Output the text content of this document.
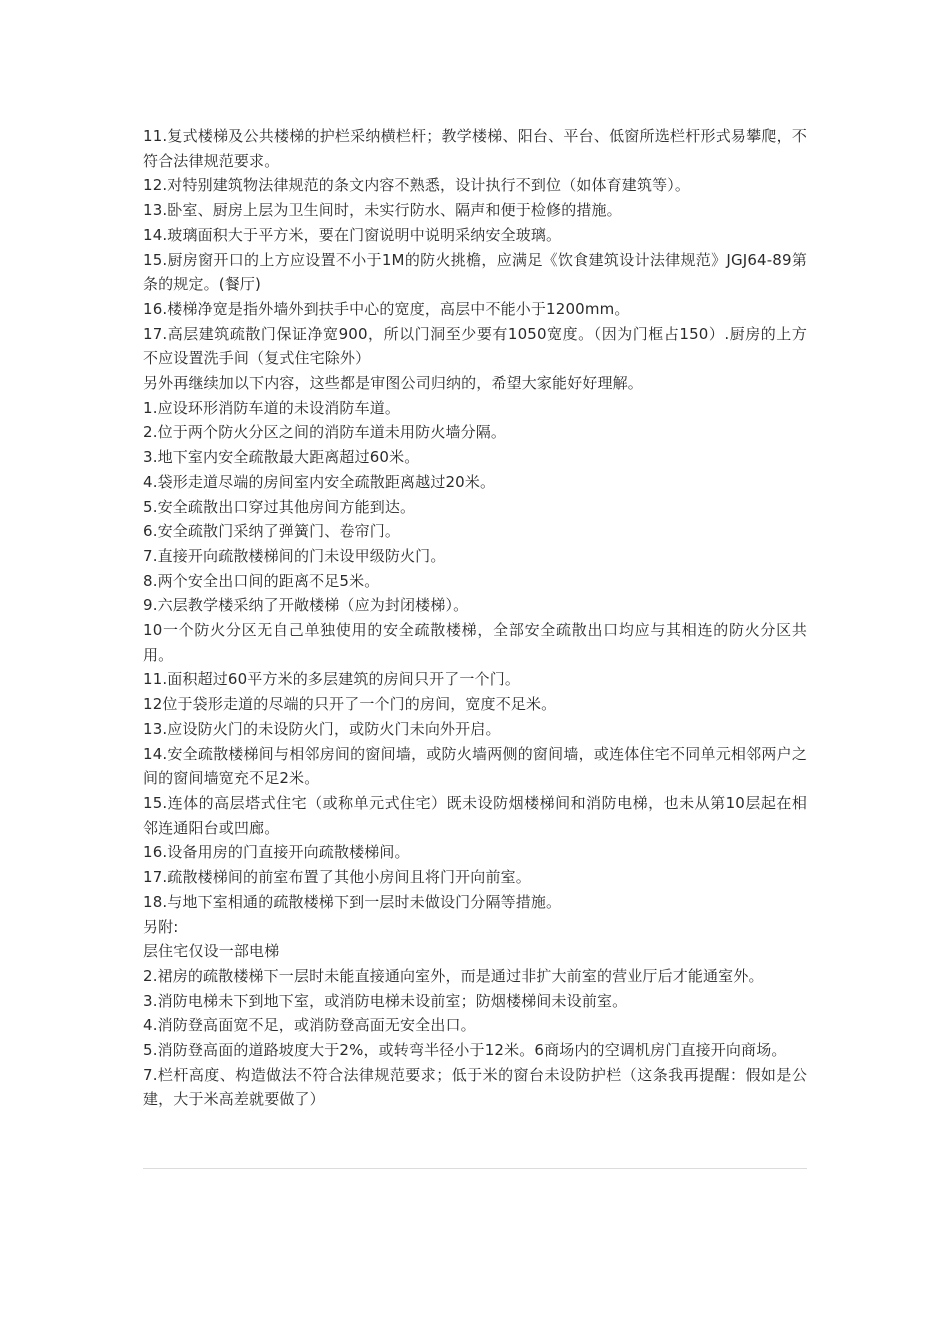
11.复式楼梯及公共楼梯的护栏采纳横栏杆；教学楼梯、阳台、平台、低窗所选栏杆形式易攀爬，不符合法律规范要求。

12.对特别建筑物法律规范的条文内容不熟悉，设计执行不到位（如体育建筑等）。

13.卧室、厨房上层为卫生间时，未实行防水、隔声和便于检修的措施。

14.玻璃面积大于平方米，要在门窗说明中说明采纳安全玻璃。

15.厨房窗开口的上方应设置不小于1M的防火挑檐，应满足《饮食建筑设计法律规范》JGJ64-89第条的规定。(餐厅)

16.楼梯净宽是指外墙外到扶手中心的宽度，高层中不能小于1200mm。

17.高层建筑疏散门保证净宽900，所以门洞至少要有1050宽度。（因为门框占150）.厨房的上方不应设置洗手间（复式住宅除外）

另外再继续加以下内容，这些都是审图公司归纳的，希望大家能好好理解。

1.应设环形消防车道的未设消防车道。

2.位于两个防火分区之间的消防车道未用防火墙分隔。

3.地下室内安全疏散最大距离超过60米。

4.袋形走道尽端的房间室内安全疏散距离越过20米。

5.安全疏散出口穿过其他房间方能到达。

6.安全疏散门采纳了弹簧门、卷帘门。

7.直接开向疏散楼梯间的门未设甲级防火门。

8.两个安全出口间的距离不足5米。

9.六层教学楼采纳了开敞楼梯（应为封闭楼梯）。

10一个防火分区无自己单独使用的安全疏散楼梯，全部安全疏散出口均应与其相连的防火分区共用。

11.面积超过60平方米的多层建筑的房间只开了一个门。

12位于袋形走道的尽端的只开了一个门的房间，宽度不足米。

13.应设防火门的未设防火门，或防火门未向外开启。

14.安全疏散楼梯间与相邻房间的窗间墙，或防火墙两侧的窗间墙，或连体住宅不同单元相邻两户之间的窗间墙宽充不足2米。

15.连体的高层塔式住宅（或称单元式住宅）既未设防烟楼梯间和消防电梯，也未从第10层起在相邻连通阳台或凹廊。

16.设备用房的门直接开向疏散楼梯间。

17.疏散楼梯间的前室布置了其他小房间且将门开向前室。

18.与地下室相通的疏散楼梯下到一层时未做设门分隔等措施。

另附:

层住宅仅设一部电梯

2.裙房的疏散楼梯下一层时未能直接通向室外，而是通过非扩大前室的营业厅后才能通室外。

3.消防电梯未下到地下室，或消防电梯未设前室；防烟楼梯间未设前室。

4.消防登高面宽不足，或消防登高面无安全出口。

5.消防登高面的道路坡度大于2%，或转弯半径小于12米。6商场内的空调机房门直接开向商场。

7.栏杆高度、构造做法不符合法律规范要求；低于米的窗台未设防护栏（这条我再提醒：假如是公建，大于米高差就要做了）
